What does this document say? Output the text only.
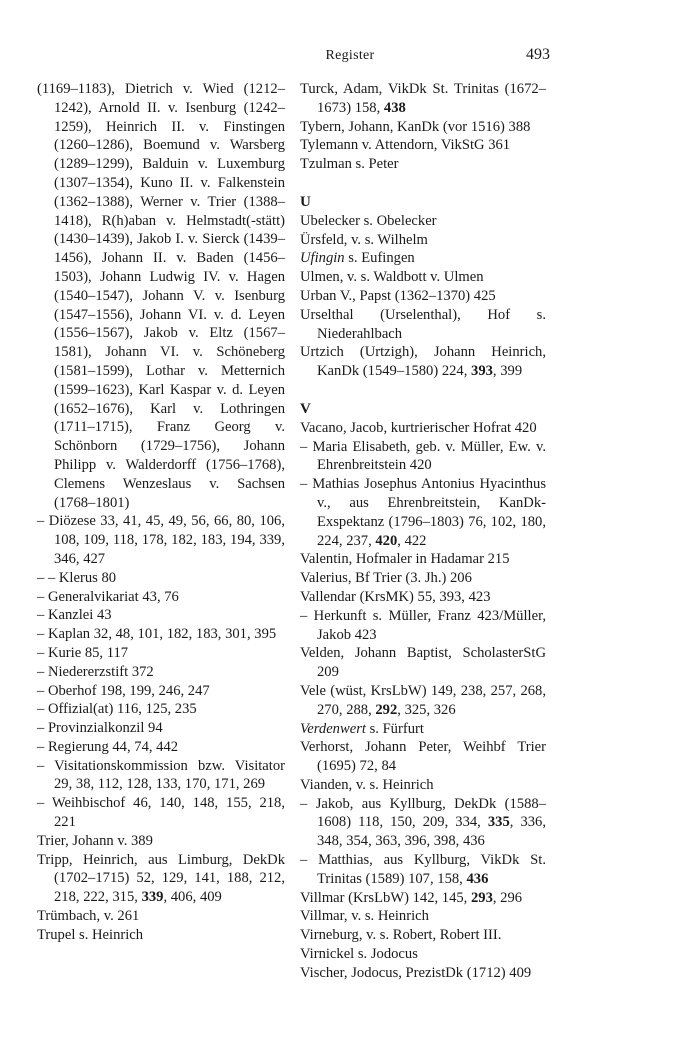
Register	493
(1169–1183), Dietrich v. Wied (1212–1242), Arnold II. v. Isenburg (1242–1259), Heinrich II. v. Finstingen (1260–1286), Boemund v. Warsberg (1289–1299), Balduin v. Luxemburg (1307–1354), Kuno II. v. Falkenstein (1362–1388), Werner v. Trier (1388–1418), R(h)aban v. Helmstadt(-stätt) (1430–1439), Jakob I. v. Sierck (1439–1456), Johann II. v. Baden (1456–1503), Johann Ludwig IV. v. Hagen (1540–1547), Johann V. v. Isenburg (1547–1556), Johann VI. v. d. Leyen (1556–1567), Jakob v. Eltz (1567–1581), Johann VI. v. Schöneberg (1581–1599), Lothar v. Metternich (1599–1623), Karl Kaspar v. d. Leyen (1652–1676), Karl v. Lothringen (1711–1715), Franz Georg v. Schönborn (1729–1756), Johann Philipp v. Walderdorff (1756–1768), Clemens Wenzeslaus v. Sachsen (1768–1801)
– Diözese 33, 41, 45, 49, 56, 66, 80, 106, 108, 109, 118, 178, 182, 183, 194, 339, 346, 427
– – Klerus 80
– Generalvikariat 43, 76
– Kanzlei 43
– Kaplan 32, 48, 101, 182, 183, 301, 395
– Kurie 85, 117
– Niedererzstift 372
– Oberhof 198, 199, 246, 247
– Offizial(at) 116, 125, 235
– Provinzialkonzil 94
– Regierung 44, 74, 442
– Visitationskommission bzw. Visitator 29, 38, 112, 128, 133, 170, 171, 269
– Weihbischof 46, 140, 148, 155, 218, 221
Trier, Johann v. 389
Tripp, Heinrich, aus Limburg, DekDk (1702–1715) 52, 129, 141, 188, 212, 218, 222, 315, 339, 406, 409
Trümbach, v. 261
Trupel s. Heinrich
Turck, Adam, VikDk St. Trinitas (1672–1673) 158, 438
Tybern, Johann, KanDk (vor 1516) 388
Tylemann v. Attendorn, VikStG 361
Tzulman s. Peter
U
Ubelecker s. Obelecker
Ürsfeld, v. s. Wilhelm
Ufingin s. Eufingen
Ulmen, v. s. Waldbott v. Ulmen
Urban V., Papst (1362–1370) 425
Urselthal (Urselenthal), Hof s. Niederahlbach
Urtzich (Urtzigh), Johann Heinrich, KanDk (1549–1580) 224, 393, 399
V
Vacano, Jacob, kurtrierischer Hofrat 420
– Maria Elisabeth, geb. v. Müller, Ew. v. Ehrenbreitstein 420
– Mathias Josephus Antonius Hyacinthus v., aus Ehrenbreitstein, KanDk-Exspektanz (1796–1803) 76, 102, 180, 224, 237, 420, 422
Valentin, Hofmaler in Hadamar 215
Valerius, Bf Trier (3. Jh.) 206
Vallendar (KrsMK) 55, 393, 423
– Herkunft s. Müller, Franz 423/Müller, Jakob 423
Velden, Johann Baptist, ScholasterStG 209
Vele (wüst, KrsLbW) 149, 238, 257, 268, 270, 288, 292, 325, 326
Verdenwert s. Fürfurt
Verhorst, Johann Peter, Weihbf Trier (1695) 72, 84
Vianden, v. s. Heinrich
– Jakob, aus Kyllburg, DekDk (1588–1608) 118, 150, 209, 334, 335, 336, 348, 354, 363, 396, 398, 436
– Matthias, aus Kyllburg, VikDk St. Trinitas (1589) 107, 158, 436
Villmar (KrsLbW) 142, 145, 293, 296
Villmar, v. s. Heinrich
Virneburg, v. s. Robert, Robert III.
Virnickel s. Jodocus
Vischer, Jodocus, PrezistDk (1712) 409
